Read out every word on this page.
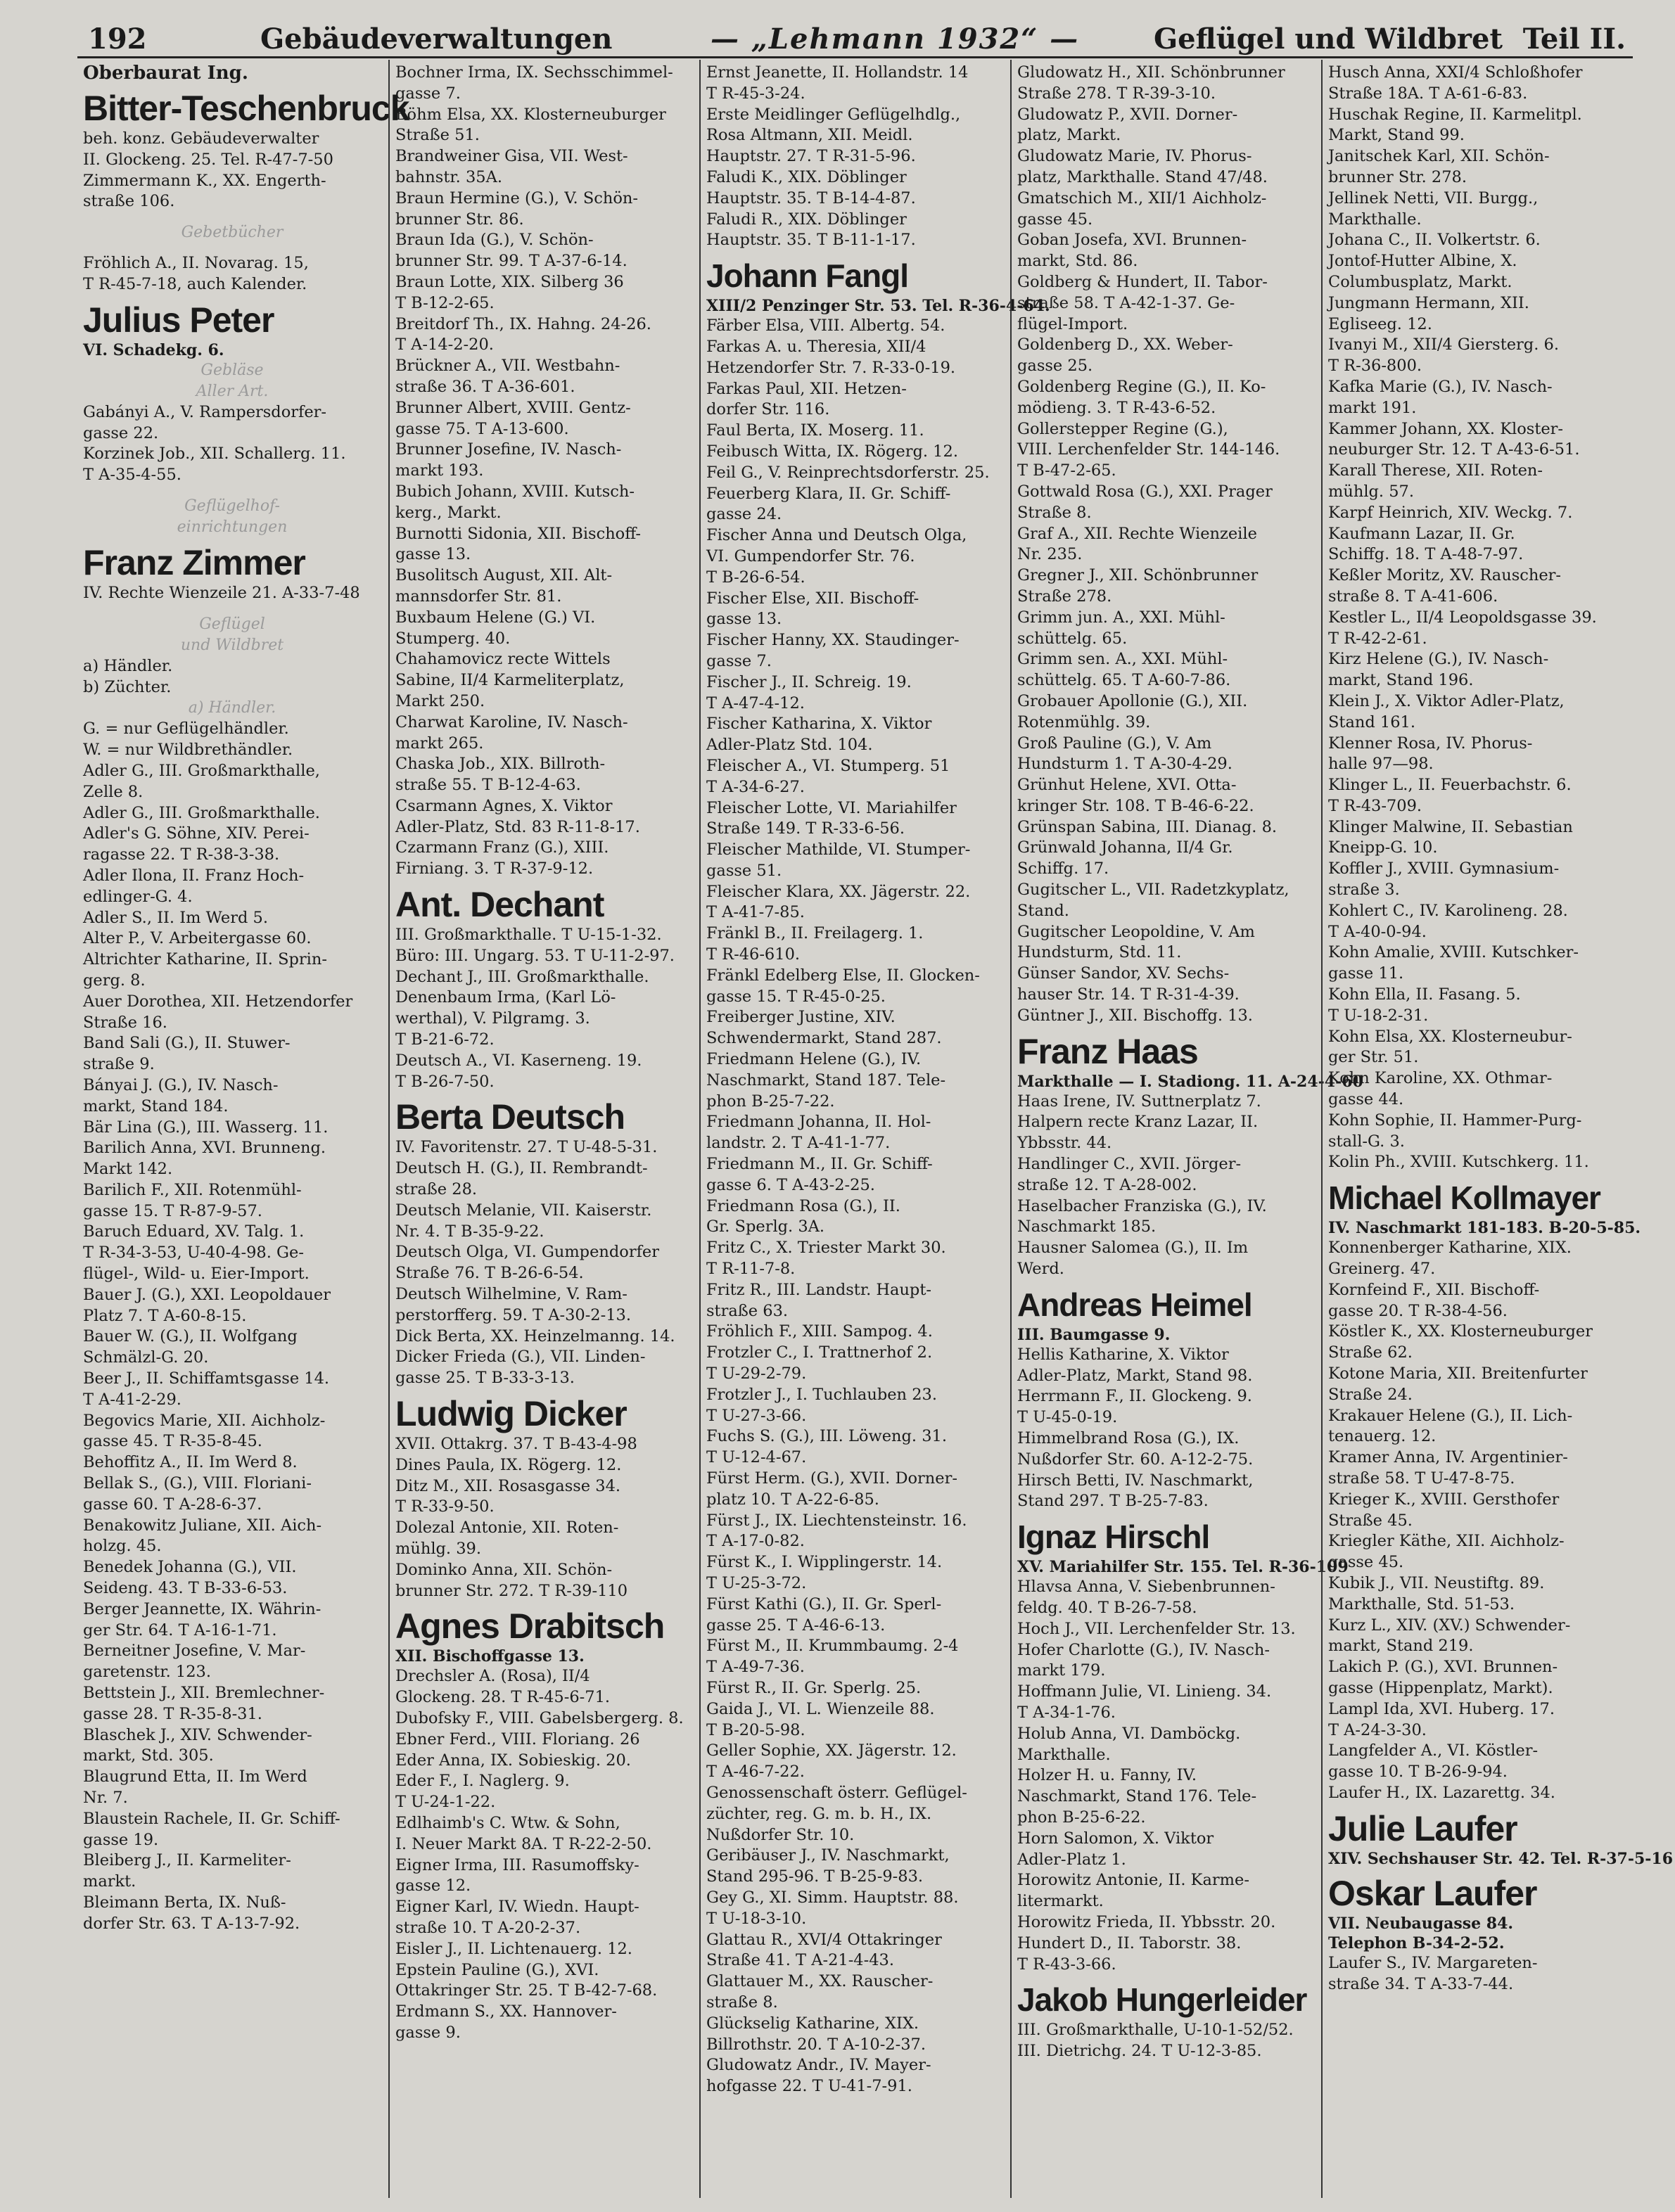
192	Gebäudeverwaltungen	— „Lehmann 1932“ —	Geflügel und Wildbret Teil II.
Oberbaurat Ing.
Bitter-Teschenbruck
beh. konz. Gebäudeverwalter
II. Glockeng. 25. Tel. R-47-7-50
Zimmermann K., XX. Engerth-
straße 106.
Gebetbücher
Fröhlich A., II. Novarag. 15,
T R-45-7-18, auch Kalender.
Julius Peter
VI. Schadekg. 6.
Gebläse
Aller Art.
Gabányi A., V. Rampersdorfer-
gasse 22.
Korzinek Job., XII. Schallerg. 11.
T A-35-4-55.
Geflügelhof-
einrichtungen
Franz Zimmer
IV. Rechte Wienzeile 21. A-33-7-48
Geflügel
und Wildbret
a) Händler.
b) Züchter.
a) Händler.
G. = nur Geflügelhändler.
W. = nur Wildbrethändler.
Adler G., III. Großmarkthalle,
Zelle 8.
Adler G., III. Großmarkthalle.
Adler's G. Söhne, XIV. Perei-
ragasse 22. T R-38-3-38.
Adler Ilona, II. Franz Hoch-
edlinger-G. 4.
Adler S., II. Im Werd 5.
Alter P., V. Arbeitergasse 60.
Altrichter Katharine, II. Sprin-
gerg. 8.
Auer Dorothea, XII. Hetzendorfer
Straße 16.
Band Sali (G.), II. Stuwer-
straße 9.
Bányai J. (G.), IV. Nasch-
markt, Stand 184.
Bär Lina (G.), III. Wasserg. 11.
Barilich Anna, XVI. Brunneng.
Markt 142.
Barilich F., XII. Rotenmühl-
gasse 15. T R-87-9-57.
Baruch Eduard, XV. Talg. 1.
T R-34-3-53, U-40-4-98. Ge-
flügel-, Wild- u. Eier-Import.
Bauer J. (G.), XXI. Leopoldauer
Platz 7. T A-60-8-15.
Bauer W. (G.), II. Wolfgang
Schmälzl-G. 20.
Beer J., II. Schiffamtsgasse 14.
T A-41-2-29.
Begovics Marie, XII. Aichholz-
gasse 45. T R-35-8-45.
Behoffitz A., II. Im Werd 8.
Bellak S., (G.), VIII. Floriani-
gasse 60. T A-28-6-37.
Benakowitz Juliane, XII. Aich-
holzg. 45.
Benedek Johanna (G.), VII.
Seideng. 43. T B-33-6-53.
Berger Jeannette, IX. Währin-
ger Str. 64. T A-16-1-71.
Berneitner Josefine, V. Mar-
garetenstr. 123.
Bettstein J., XII. Bremlechner-
gasse 28. T R-35-8-31.
Blaschek J., XIV. Schwender-
markt, Std. 305.
Blaugrund Etta, II. Im Werd
Nr. 7.
Blaustein Rachele, II. Gr. Schiff-
gasse 19.
Bleiberg J., II. Karmeliter-
markt.
Bleimann Berta, IX. Nuß-
dorfer Str. 63. T A-13-7-92.
Bochner Irma, IX. Sechsschimmel-
gasse 7.
Böhm Elsa, XX. Klosterneuburger
Straße 51.
Brandweiner Gisa, VII. West-
bahnstr. 35A.
Braun Hermine (G.), V. Schön-
brunner Str. 86.
Braun Ida (G.), V. Schön-
brunner Str. 99. T A-37-6-14.
Braun Lotte, XIX. Silberg 36
T B-12-2-65.
Breitdorf Th., IX. Hahng. 24-26.
T A-14-2-20.
Brückner A., VII. Westbahn-
straße 36. T A-36-601.
Brunner Albert, XVIII. Gentz-
gasse 75. T A-13-600.
Brunner Josefine, IV. Nasch-
markt 193.
Bubich Johann, XVIII. Kutsch-
kerg., Markt.
Burnotti Sidonia, XII. Bischoff-
gasse 13.
Busolitsch August, XII. Alt-
mannsdorfer Str. 81.
Buxbaum Helene (G.) VI.
Stumperg. 40.
Chahamovicz recte Wittels
Sabine, II/4 Karmeliterplatz,
Markt 250.
Charwat Karoline, IV. Nasch-
markt 265.
Chaska Job., XIX. Billroth-
straße 55. T B-12-4-63.
Csarmann Agnes, X. Viktor
Adler-Platz, Std. 83 R-11-8-17.
Czarmann Franz (G.), XIII.
Firniang. 3. T R-37-9-12.
Ant. Dechant
III. Großmarkthalle. T U-15-1-32.
Büro: III. Ungarg. 53. T U-11-2-97.
Dechant J., III. Großmarkthalle.
Denenbaum Irma, (Karl Lö-
werthal), V. Pilgramg. 3.
T B-21-6-72.
Deutsch A., VI. Kaserneng. 19.
T B-26-7-50.
Berta Deutsch
IV. Favoritenstr. 27. T U-48-5-31.
Deutsch H. (G.), II. Rembrandt-
straße 28.
Deutsch Melanie, VII. Kaiserstr.
Nr. 4. T B-35-9-22.
Deutsch Olga, VI. Gumpendorfer
Straße 76. T B-26-6-54.
Deutsch Wilhelmine, V. Ram-
perstorfferg. 59. T A-30-2-13.
Dick Berta, XX. Heinzelmanng. 14.
Dicker Frieda (G.), VII. Linden-
gasse 25. T B-33-3-13.
Ludwig Dicker
XVII. Ottakrg. 37. T B-43-4-98
Dines Paula, IX. Rögerg. 12.
Ditz M., XII. Rosasgasse 34.
T R-33-9-50.
Dolezal Antonie, XII. Roten-
mühlg. 39.
Dominko Anna, XII. Schön-
brunner Str. 272. T R-39-110
Agnes Drabitsch
XII. Bischoffgasse 13.
Drechsler A. (Rosa), II/4
Glockeng. 28. T R-45-6-71.
Dubofsky F., VIII. Gabelsbergerg. 8.
Ebner Ferd., VIII. Floriang. 26
Eder Anna, IX. Sobieskig. 20.
Eder F., I. Naglerg. 9.
T U-24-1-22.
Edlhaimb's C. Wtw. & Sohn,
I. Neuer Markt 8A. T R-22-2-50.
Eigner Irma, III. Rasumoffsky-
gasse 12.
Eigner Karl, IV. Wiedn. Haupt-
straße 10. T A-20-2-37.
Eisler J., II. Lichtenauerg. 12.
Epstein Pauline (G.), XVI.
Ottakringer Str. 25. T B-42-7-68.
Erdmann S., XX. Hannover-
gasse 9.
Ernst Jeanette, II. Hollandstr. 14
T R-45-3-24.
Erste Meidlinger Geflügelhdlg.,
Rosa Altmann, XII. Meidl.
Hauptstr. 27. T R-31-5-96.
Faludi K., XIX. Döblinger
Hauptstr. 35. T B-14-4-87.
Faludi R., XIX. Döblinger
Hauptstr. 35. T B-11-1-17.
Johann Fangl
XIII/2 Penzinger Str. 53. Tel. R-36-4-64.
Färber Elsa, VIII. Albertg. 54.
Farkas A. u. Theresia, XII/4
Hetzendorfer Str. 7. R-33-0-19.
Farkas Paul, XII. Hetzen-
dorfer Str. 116.
Faul Berta, IX. Moserg. 11.
Feibusch Witta, IX. Rögerg. 12.
Feil G., V. Reinprechtsdorferstr. 25.
Feuerberg Klara, II. Gr. Schiff-
gasse 24.
Fischer Anna und Deutsch Olga,
VI. Gumpendorfer Str. 76.
T B-26-6-54.
Fischer Else, XII. Bischoff-
gasse 13.
Fischer Hanny, XX. Staudinger-
gasse 7.
Fischer J., II. Schreig. 19.
T A-47-4-12.
Fischer Katharina, X. Viktor
Adler-Platz Std. 104.
Fleischer A., VI. Stumperg. 51
T A-34-6-27.
Fleischer Lotte, VI. Mariahilfer
Straße 149. T R-33-6-56.
Fleischer Mathilde, VI. Stumper-
gasse 51.
Fleischer Klara, XX. Jägerstr. 22.
T A-41-7-85.
Fränkl B., II. Freilagerg. 1.
T R-46-610.
Fränkl Edelberg Else, II. Glocken-
gasse 15. T R-45-0-25.
Freiberger Justine, XIV.
Schwendermarkt, Stand 287.
Friedmann Helene (G.), IV.
Naschmarkt, Stand 187. Tele-
phon B-25-7-22.
Friedmann Johanna, II. Hol-
landstr. 2. T A-41-1-77.
Friedmann M., II. Gr. Schiff-
gasse 6. T A-43-2-25.
Friedmann Rosa (G.), II.
Gr. Sperlg. 3A.
Fritz C., X. Triester Markt 30.
T R-11-7-8.
Fritz R., III. Landstr. Haupt-
straße 63.
Fröhlich F., XIII. Sampog. 4.
Frotzler C., I. Trattnerhof 2.
T U-29-2-79.
Frotzler J., I. Tuchlauben 23.
T U-27-3-66.
Fuchs S. (G.), III. Löweng. 31.
T U-12-4-67.
Fürst Herm. (G.), XVII. Dorner-
platz 10. T A-22-6-85.
Fürst J., IX. Liechtensteinstr. 16.
T A-17-0-82.
Fürst K., I. Wipplingerstr. 14.
T U-25-3-72.
Fürst Kathi (G.), II. Gr. Sperl-
gasse 25. T A-46-6-13.
Fürst M., II. Krummbaumg. 2-4
T A-49-7-36.
Fürst R., II. Gr. Sperlg. 25.
Gaida J., VI. L. Wienzeile 88.
T B-20-5-98.
Geller Sophie, XX. Jägerstr. 12.
T A-46-7-22.
Genossenschaft österr. Geflügel-
züchter, reg. G. m. b. H., IX.
Nußdorfer Str. 10.
Geribäuser J., IV. Naschmarkt,
Stand 295-96. T B-25-9-83.
Gey G., XI. Simm. Hauptstr. 88.
T U-18-3-10.
Glattau R., XVI/4 Ottakringer
Straße 41. T A-21-4-43.
Glattauer M., XX. Rauscher-
straße 8.
Glückselig Katharine, XIX.
Billrothstr. 20. T A-10-2-37.
Gludowatz Andr., IV. Mayer-
hofgasse 22. T U-41-7-91.
Gludowatz H., XII. Schönbrunner
Straße 278. T R-39-3-10.
Gludowatz P., XVII. Dorner-
platz, Markt.
Gludowatz Marie, IV. Phorus-
platz, Markthalle. Stand 47/48.
Gmatschich M., XII/1 Aichholz-
gasse 45.
Goban Josefa, XVI. Brunnen-
markt, Std. 86.
Goldberg & Hundert, II. Tabor-
straße 58. T A-42-1-37. Ge-
flügel-Import.
Goldenberg D., XX. Weber-
gasse 25.
Goldenberg Regine (G.), II. Ko-
mödieng. 3. T R-43-6-52.
Gollerstepper Regine (G.),
VIII. Lerchenfelder Str. 144-146.
T B-47-2-65.
Gottwald Rosa (G.), XXI. Prager
Straße 8.
Graf A., XII. Rechte Wienzeile
Nr. 235.
Gregner J., XII. Schönbrunner
Straße 278.
Grimm jun. A., XXI. Mühl-
schüttelg. 65.
Grimm sen. A., XXI. Mühl-
schüttelg. 65. T A-60-7-86.
Grobauer Apollonie (G.), XII.
Rotenmühlg. 39.
Groß Pauline (G.), V. Am
Hundsturm 1. T A-30-4-29.
Grünhut Helene, XVI. Otta-
kringer Str. 108. T B-46-6-22.
Grünspan Sabina, III. Dianag. 8.
Grünwald Johanna, II/4 Gr.
Schiffg. 17.
Gugitscher L., VII. Radetzkyplatz,
Stand.
Gugitscher Leopoldine, V. Am
Hundsturm, Std. 11.
Günser Sandor, XV. Sechs-
hauser Str. 14. T R-31-4-39.
Güntner J., XII. Bischoffg. 13.
Franz Haas
Markthalle — I. Stadiong. 11. A-24-4-60
Haas Irene, IV. Suttnerplatz 7.
Halpern recte Kranz Lazar, II.
Ybbsstr. 44.
Handlinger C., XVII. Jörger-
straße 12. T A-28-002.
Haselbacher Franziska (G.), IV.
Naschmarkt 185.
Hausner Salomea (G.), II. Im
Werd.
Andreas Heimel
III. Baumgasse 9.
Hellis Katharine, X. Viktor
Adler-Platz, Markt, Stand 98.
Herrmann F., II. Glockeng. 9.
T U-45-0-19.
Himmelbrand Rosa (G.), IX.
Nußdorfer Str. 60. A-12-2-75.
Hirsch Betti, IV. Naschmarkt,
Stand 297. T B-25-7-83.
Ignaz Hirschl
XV. Mariahilfer Str. 155. Tel. R-36-109
Hlavsa Anna, V. Siebenbrunnen-
feldg. 40. T B-26-7-58.
Hoch J., VII. Lerchenfelder Str. 13.
Hofer Charlotte (G.), IV. Nasch-
markt 179.
Hoffmann Julie, VI. Linieng. 34.
T A-34-1-76.
Holub Anna, VI. Damböckg.
Markthalle.
Holzer H. u. Fanny, IV.
Naschmarkt, Stand 176. Tele-
phon B-25-6-22.
Horn Salomon, X. Viktor
Adler-Platz 1.
Horowitz Antonie, II. Karme-
litermarkt.
Horowitz Frieda, II. Ybbsstr. 20.
Hundert D., II. Taborstr. 38.
T R-43-3-66.
Jakob Hungerleider
III. Großmarkthalle, U-10-1-52/52.
III. Dietrichg. 24. T U-12-3-85.
Husch Anna, XXI/4 Schloßhofer
Straße 18A. T A-61-6-83.
Huschak Regine, II. Karmelitpl.
Markt, Stand 99.
Janitschek Karl, XII. Schön-
brunner Str. 278.
Jellinek Netti, VII. Burgg.,
Markthalle.
Johana C., II. Volkertstr. 6.
Jontof-Hutter Albine, X.
Columbusplatz, Markt.
Jungmann Hermann, XII.
Egliseeg. 12.
Ivanyi M., XII/4 Giersterg. 6.
T R-36-800.
Kafka Marie (G.), IV. Nasch-
markt 191.
Kammer Johann, XX. Kloster-
neuburger Str. 12. T A-43-6-51.
Karall Therese, XII. Roten-
mühlg. 57.
Karpf Heinrich, XIV. Weckg. 7.
Kaufmann Lazar, II. Gr.
Schiffg. 18. T A-48-7-97.
Keßler Moritz, XV. Rauscher-
straße 8. T A-41-606.
Kestler L., II/4 Leopoldsgasse 39.
T R-42-2-61.
Kirz Helene (G.), IV. Nasch-
markt, Stand 196.
Klein J., X. Viktor Adler-Platz,
Stand 161.
Klenner Rosa, IV. Phorus-
halle 97—98.
Klinger L., II. Feuerbachstr. 6.
T R-43-709.
Klinger Malwine, II. Sebastian
Kneipp-G. 10.
Koffler J., XVIII. Gymnasium-
straße 3.
Kohlert C., IV. Karolineng. 28.
T A-40-0-94.
Kohn Amalie, XVIII. Kutschker-
gasse 11.
Kohn Ella, II. Fasang. 5.
T U-18-2-31.
Kohn Elsa, XX. Klosterneubur-
ger Str. 51.
Kohn Karoline, XX. Othmar-
gasse 44.
Kohn Sophie, II. Hammer-Purg-
stall-G. 3.
Kolin Ph., XVIII. Kutschkerg. 11.
Michael Kollmayer
IV. Naschmarkt 181-183. B-20-5-85.
Konnenberger Katharine, XIX.
Greinerg. 47.
Kornfeind F., XII. Bischoff-
gasse 20. T R-38-4-56.
Köstler K., XX. Klosterneuburger
Straße 62.
Kotone Maria, XII. Breitenfurter
Straße 24.
Krakauer Helene (G.), II. Lich-
tenauerg. 12.
Kramer Anna, IV. Argentinier-
straße 58. T U-47-8-75.
Krieger K., XVIII. Gersthofer
Straße 45.
Kriegler Käthe, XII. Aichholz-
gasse 45.
Kubik J., VII. Neustiftg. 89.
Markthalle, Std. 51-53.
Kurz L., XIV. (XV.) Schwender-
markt, Stand 219.
Lakich P. (G.), XVI. Brunnen-
gasse (Hippenplatz, Markt).
Lampl Ida, XVI. Huberg. 17.
T A-24-3-30.
Langfelder A., VI. Köstler-
gasse 10. T B-26-9-94.
Laufer H., IX. Lazarettg. 34.
Julie Laufer
XIV. Sechshauser Str. 42. Tel. R-37-5-16
Oskar Laufer
VII. Neubaugasse 84.
Telephon B-34-2-52.
Laufer S., IV. Margareten-
straße 34. T A-33-7-44.
